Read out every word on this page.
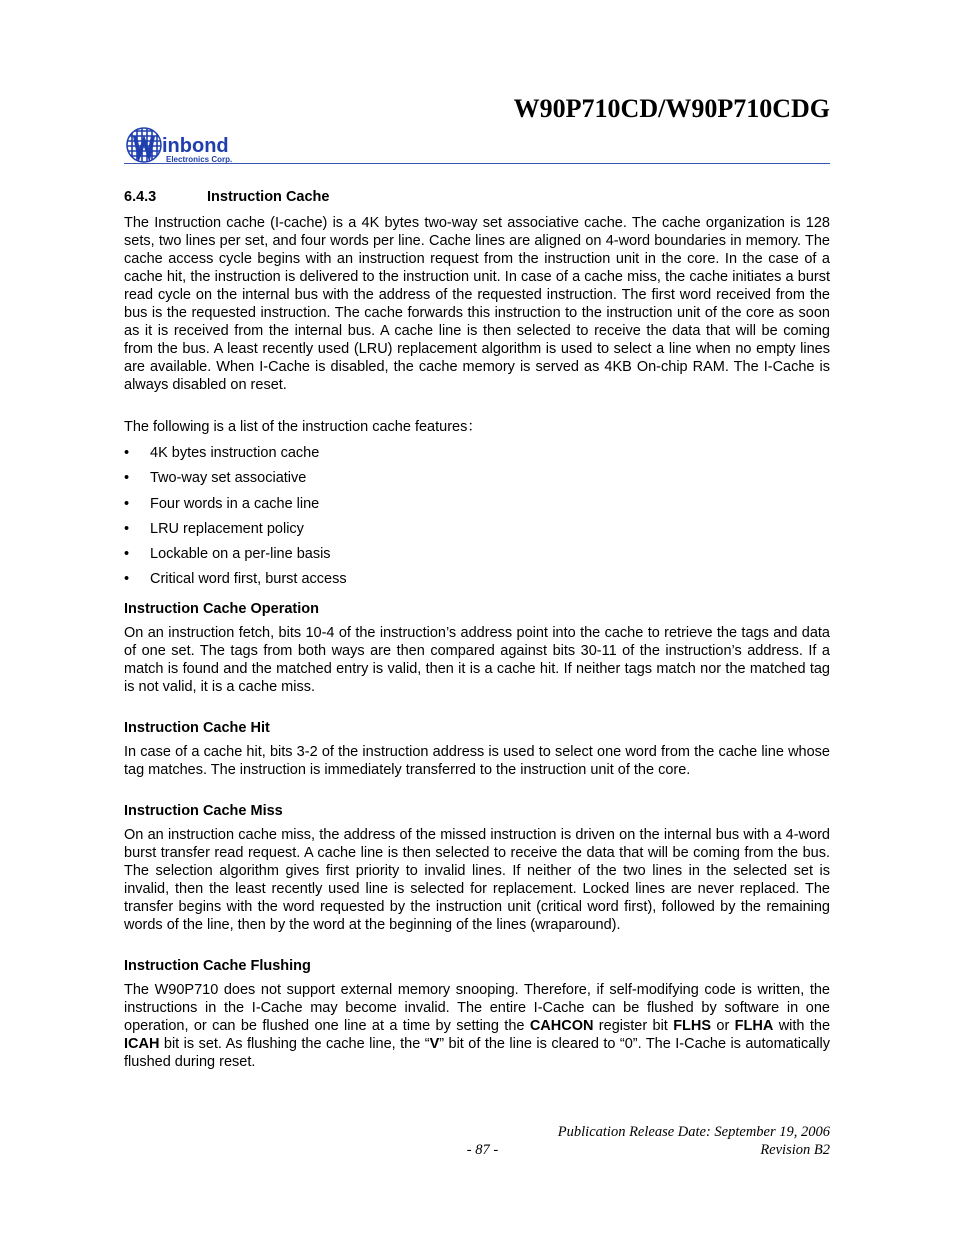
W90P710CD/W90P710CDG
inbond
Electronics Corp.
6.4.3	Instruction Cache

The Instruction cache (I-cache) is a 4K bytes two-way set associative cache. The cache organization is 128 sets, two lines per set, and four words per line. Cache lines are aligned on 4-word boundaries in memory. The cache access cycle begins with an instruction request from the instruction unit in the core. In the case of a cache hit, the instruction is delivered to the instruction unit. In case of a cache miss, the cache initiates a burst read cycle on the internal bus with the address of the requested instruction. The first word received from the bus is the requested instruction. The cache forwards this instruction to the instruction unit of the core as soon as it is received from the internal bus. A cache line is then selected to receive the data that will be coming from the bus. A least recently used (LRU) replacement algorithm is used to select a line when no empty lines are available. When I-Cache is disabled, the cache memory is served as 4KB On-chip RAM. The I-Cache is always disabled on reset.

The following is a list of the instruction cache features：

• 4K bytes instruction cache
• Two-way set associative
• Four words in a cache line
• LRU replacement policy
• Lockable on a per-line basis
• Critical word first, burst access
Instruction Cache Operation

On an instruction fetch, bits 10-4 of the instruction’s address point into the cache to retrieve the tags and data of one set. The tags from both ways are then compared against bits 30-11 of the instruction’s address. If a match is found and the matched entry is valid, then it is a cache hit. If neither tags match nor the matched tag is not valid, it is a cache miss.

Instruction Cache Hit

In case of a cache hit, bits 3-2 of the instruction address is used to select one word from the cache line whose tag matches. The instruction is immediately transferred to the instruction unit of the core.

Instruction Cache Miss

On an instruction cache miss, the address of the missed instruction is driven on the internal bus with a 4-word burst transfer read request. A cache line is then selected to receive the data that will be coming from the bus. The selection algorithm gives first priority to invalid lines. If neither of the two lines in the selected set is invalid, then the least recently used line is selected for replacement. Locked lines are never replaced. The transfer begins with the word requested by the instruction unit (critical word first), followed by the remaining words of the line, then by the word at the beginning of the lines (wraparound).

Instruction Cache Flushing

The W90P710 does not support external memory snooping. Therefore, if self-modifying code is written, the instructions in the I-Cache may become invalid. The entire I-Cache can be flushed by software in one operation, or can be flushed one line at a time by setting the CAHCON register bit FLHS or FLHA with the ICAH bit is set. As flushing the cache line, the “V” bit of the line is cleared to “0”. The I-Cache is automatically flushed during reset.

Publication Release Date: September 19, 2006
- 87 -	Revision B2
